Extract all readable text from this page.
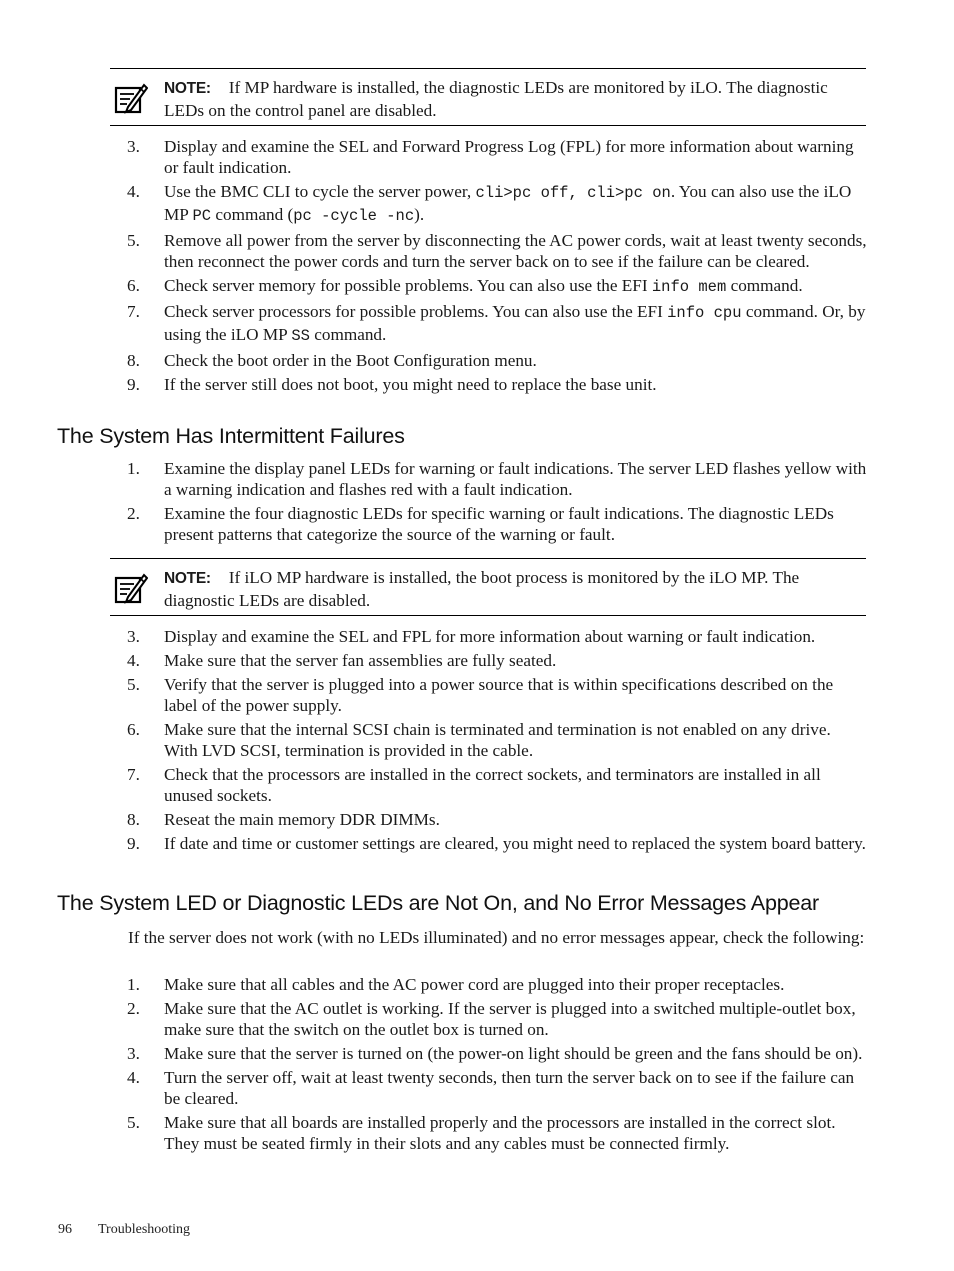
NOTE: If MP hardware is installed, the diagnostic LEDs are monitored by iLO. The diagnostic LEDs on the control panel are disabled.
3. Display and examine the SEL and Forward Progress Log (FPL) for more information about warning or fault indication.
4. Use the BMC CLI to cycle the server power, cli>pc off, cli>pc on. You can also use the iLO MP PC command (pc -cycle -nc).
5. Remove all power from the server by disconnecting the AC power cords, wait at least twenty seconds, then reconnect the power cords and turn the server back on to see if the failure can be cleared.
6. Check server memory for possible problems. You can also use the EFI info mem command.
7. Check server processors for possible problems. You can also use the EFI info cpu command. Or, by using the iLO MP SS command.
8. Check the boot order in the Boot Configuration menu.
9. If the server still does not boot, you might need to replace the base unit.
The System Has Intermittent Failures
1. Examine the display panel LEDs for warning or fault indications. The server LED flashes yellow with a warning indication and flashes red with a fault indication.
2. Examine the four diagnostic LEDs for specific warning or fault indications. The diagnostic LEDs present patterns that categorize the source of the warning or fault.
NOTE: If iLO MP hardware is installed, the boot process is monitored by the iLO MP. The diagnostic LEDs are disabled.
3. Display and examine the SEL and FPL for more information about warning or fault indication.
4. Make sure that the server fan assemblies are fully seated.
5. Verify that the server is plugged into a power source that is within specifications described on the label of the power supply.
6. Make sure that the internal SCSI chain is terminated and termination is not enabled on any drive. With LVD SCSI, termination is provided in the cable.
7. Check that the processors are installed in the correct sockets, and terminators are installed in all unused sockets.
8. Reseat the main memory DDR DIMMs.
9. If date and time or customer settings are cleared, you might need to replaced the system board battery.
The System LED or Diagnostic LEDs are Not On, and No Error Messages Appear

If the server does not work (with no LEDs illuminated) and no error messages appear, check the following:

1. Make sure that all cables and the AC power cord are plugged into their proper receptacles.
2. Make sure that the AC outlet is working. If the server is plugged into a switched multiple-outlet box, make sure that the switch on the outlet box is turned on.
3. Make sure that the server is turned on (the power-on light should be green and the fans should be on).
4. Turn the server off, wait at least twenty seconds, then turn the server back on to see if the failure can be cleared.
5. Make sure that all boards are installed properly and the processors are installed in the correct slot. They must be seated firmly in their slots and any cables must be connected firmly.
96 Troubleshooting
